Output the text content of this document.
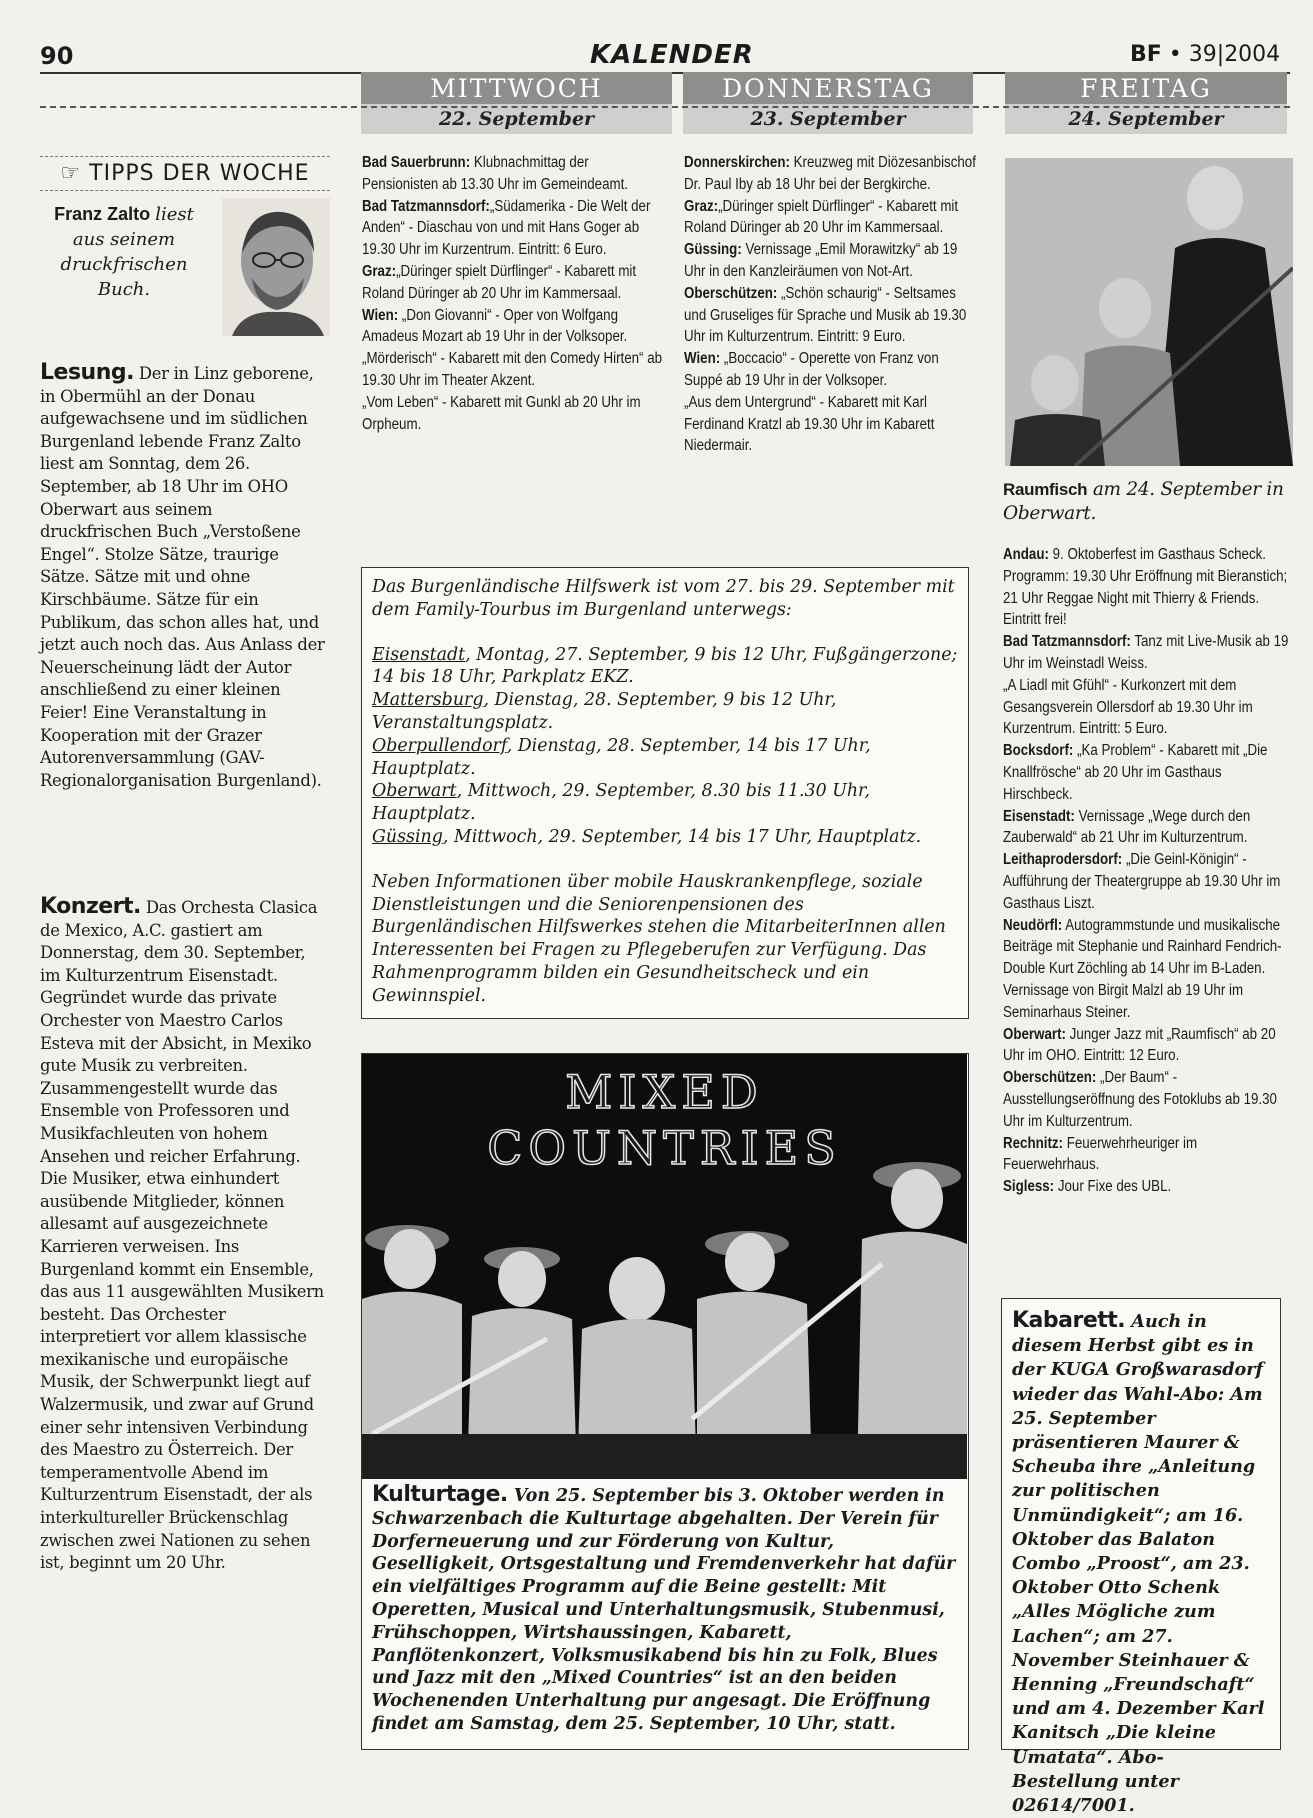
90	KALENDER	BF • 39|2004
MITTWOCH
22. September
DONNERSTAG
23. September
FREITAG
24. September
☞ TIPPS DER WOCHE
Franz Zalto liest aus seinem druckfrischen Buch.
Lesung. Der in Linz geborene, in Obermühl an der Donau aufgewachsene und im südlichen Burgenland lebende Franz Zalto liest am Sonntag, dem 26. September, ab 18 Uhr im OHO Oberwart aus seinem druckfrischen Buch „Verstoßene Engel“. Stolze Sätze, traurige Sätze. Sätze mit und ohne Kirschbäume. Sätze für ein Publikum, das schon alles hat, und jetzt auch noch das. Aus Anlass der Neuerscheinung lädt der Autor anschließend zu einer kleinen Feier! Eine Veranstaltung in Kooperation mit der Grazer Autorenversammlung (GAV-Regionalorganisation Burgenland).
Konzert. Das Orchesta Clasica de Mexico, A.C. gastiert am Donnerstag, dem 30. September, im Kulturzentrum Eisenstadt. Gegründet wurde das private Orchester von Maestro Carlos Esteva mit der Absicht, in Mexiko gute Musik zu verbreiten. Zusammengestellt wurde das Ensemble von Professoren und Musikfachleuten von hohem Ansehen und reicher Erfahrung. Die Musiker, etwa einhundert ausübende Mitglieder, können allesamt auf ausgezeichnete Karrieren verweisen. Ins Burgenland kommt ein Ensemble, das aus 11 ausgewählten Musikern besteht. Das Orchester interpretiert vor allem klassische mexikanische und europäische Musik, der Schwerpunkt liegt auf Walzermusik, und zwar auf Grund einer sehr intensiven Verbindung des Maestro zu Österreich. Der temperamentvolle Abend im Kulturzentrum Eisenstadt, der als interkultureller Brückenschlag zwischen zwei Nationen zu sehen ist, beginnt um 20 Uhr.
Bad Sauerbrunn: Klubnachmittag der Pensionisten ab 13.30 Uhr im Gemeindeamt.
Bad Tatzmannsdorf:„Südamerika - Die Welt der Anden“ - Diaschau von und mit Hans Goger ab 19.30 Uhr im Kurzentrum. Eintritt: 6 Euro.
Graz:„Düringer spielt Dürflinger“ - Kabarett mit Roland Düringer ab 20 Uhr im Kammersaal.
Wien: „Don Giovanni“ - Oper von Wolfgang Amadeus Mozart ab 19 Uhr in der Volksoper.
„Mörderisch“ - Kabarett mit den Comedy Hirten“ ab 19.30 Uhr im Theater Akzent.
„Vom Leben“ - Kabarett mit Gunkl ab 20 Uhr im Orpheum.
Donnerskirchen: Kreuzweg mit Diözesanbischof Dr. Paul Iby ab 18 Uhr bei der Bergkirche.
Graz:„Düringer spielt Dürflinger“ - Kabarett mit Roland Düringer ab 20 Uhr im Kammersaal.
Güssing: Vernissage „Emil Morawitzky“ ab 19 Uhr in den Kanzleiräumen von Not-Art.
Oberschützen: „Schön schaurig“ - Seltsames und Gruseliges für Sprache und Musik ab 19.30 Uhr im Kulturzentrum. Eintritt: 9 Euro.
Wien: „Boccacio“ - Operette von Franz von Suppé ab 19 Uhr in der Volksoper.
„Aus dem Untergrund“ - Kabarett mit Karl Ferdinand Kratzl ab 19.30 Uhr im Kabarett Niedermair.
Das Burgenländische Hilfswerk ist vom 27. bis 29. September mit dem Family-Tourbus im Burgenland unterwegs:
Eisenstadt, Montag, 27. September, 9 bis 12 Uhr, Fußgängerzone; 14 bis 18 Uhr, Parkplatz EKZ.
Mattersburg, Dienstag, 28. September, 9 bis 12 Uhr, Veranstaltungsplatz.
Oberpullendorf, Dienstag, 28. September, 14 bis 17 Uhr, Hauptplatz.
Oberwart, Mittwoch, 29. September, 8.30 bis 11.30 Uhr, Hauptplatz.
Güssing, Mittwoch, 29. September, 14 bis 17 Uhr, Hauptplatz.
Neben Informationen über mobile Hauskrankenpflege, soziale Dienstleistungen und die Seniorenpensionen des Burgenländischen Hilfswerkes stehen die MitarbeiterInnen allen Interessenten bei Fragen zu Pflegeberufen zur Verfügung. Das Rahmenprogramm bilden ein Gesundheitscheck und ein Gewinnspiel.
MIXED
COUNTRIES
Kulturtage. Von 25. September bis 3. Oktober werden in Schwarzenbach die Kulturtage abgehalten. Der Verein für Dorferneuerung und zur Förderung von Kultur, Geselligkeit, Ortsgestaltung und Fremdenverkehr hat dafür ein vielfältiges Programm auf die Beine gestellt: Mit Operetten, Musical und Unterhaltungsmusik, Stubenmusi, Frühschoppen, Wirtshaussingen, Kabarett, Panflötenkonzert, Volksmusikabend bis hin zu Folk, Blues und Jazz mit den „Mixed Countries“ ist an den beiden Wochenenden Unterhaltung pur angesagt. Die Eröffnung findet am Samstag, dem 25. September, 10 Uhr, statt.
Raumfisch am 24. September in Oberwart.
Andau: 9. Oktoberfest im Gasthaus Scheck. Programm: 19.30 Uhr Eröffnung mit Bieranstich; 21 Uhr Reggae Night mit Thierry & Friends. Eintritt frei!
Bad Tatzmannsdorf: Tanz mit Live-Musik ab 19 Uhr im Weinstadl Weiss.
„A Liadl mit Gfühl“ - Kurkonzert mit dem Gesangsverein Ollersdorf ab 19.30 Uhr im Kurzentrum. Eintritt: 5 Euro.
Bocksdorf: „Ka Problem“ - Kabarett mit „Die Knallfrösche“ ab 20 Uhr im Gasthaus Hirschbeck.
Eisenstadt: Vernissage „Wege durch den Zauberwald“ ab 21 Uhr im Kulturzentrum.
Leithaprodersdorf: „Die Geinl-Königin“ - Aufführung der Theatergruppe ab 19.30 Uhr im Gasthaus Liszt.
Neudörfl: Autogrammstunde und musikalische Beiträge mit Stephanie und Rainhard Fendrich-Double Kurt Zöchling ab 14 Uhr im B-Laden.
Vernissage von Birgit Malzl ab 19 Uhr im Seminarhaus Steiner.
Oberwart: Junger Jazz mit „Raumfisch“ ab 20 Uhr im OHO. Eintritt: 12 Euro.
Oberschützen: „Der Baum“ - Ausstellungseröffnung des Fotoklubs ab 19.30 Uhr im Kulturzentrum.
Rechnitz: Feuerwehrheuriger im Feuerwehrhaus.
Sigless: Jour Fixe des UBL.
Kabarett. Auch in diesem Herbst gibt es in der KUGA Großwarasdorf wieder das Wahl-Abo: Am 25. September präsentieren Maurer & Scheuba ihre „Anleitung zur politischen Unmündigkeit“; am 16. Oktober das Balaton Combo „Proost“, am 23. Oktober Otto Schenk „Alles Mögliche zum Lachen“; am 27. November Steinhauer & Henning „Freundschaft“ und am 4. Dezember Karl Kanitsch „Die kleine Umatata“. Abo-Bestellung unter 02614/7001.
